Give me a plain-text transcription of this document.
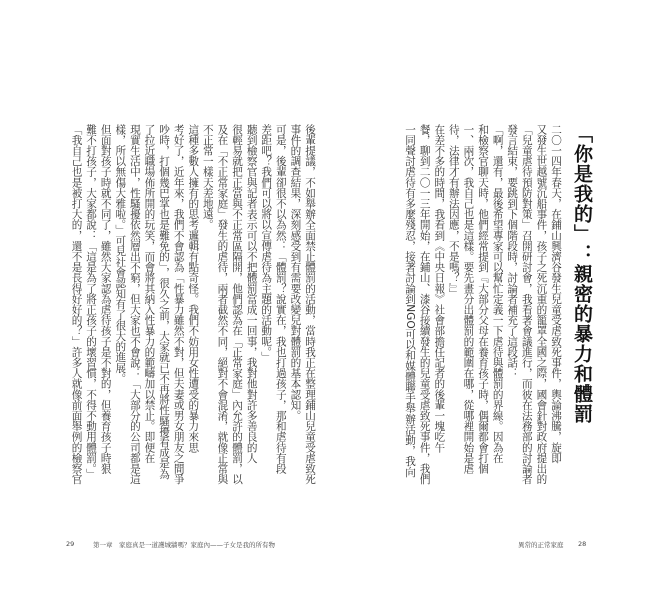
「你是我的」：親密的暴力和體罰
二〇一四年春天，在鋪山興濟谷發生兒童受虐致死事件，輿論沸騰，旋即
又發生世越號沉船事件，孩子之死沉重的籠罩全國之際，國會針對政府提出的
「兒童虐待預防對策」召開研討會，我看著會議進行，而彼在法務部的討論者
發言結束，要跳到下個階段時，討論者補充了這段話：
「啊，還有，最後希望專家可以幫忙定義一下虐待與體罰的界線。因為在
和檢察官聊天時，他們經常提到『大部分父母在養育孩子時，偶爾都會打個
一、兩次，我自己也是這樣。要先畫分出體罰的範圍在哪，從哪裡開始是虐
待，法律才有辦法因應，不是嗎？』」
在差不多的時間，我看到《中央日報》社會部擔任記者的後輩一塊吃午
餐，聊到二〇一三年開始，在鋪山、漆谷接續發生的兒童受虐致死事件，我們
一同聲討虐待有多麼殘忍，接著討論到NGO可以和媒體聯手舉辦活動，我向
後輩提議，不如舉辦全面禁止體罰的活動，當時我正在整理鋪山兒童受虐致死
事件的調查結果，深刻感受到有需要改變兒對體罰的基本認知。
可是，後輩卻很不以為然：「體罰？說實在，我也打過孩子，那和虐待有段
差距吧？我們可以將以宣傳虐待為主題的活動呢。」
聽到檢察官與記者表示可以不把體罰當成一回事，我對他對許多善良的人
很輕易就把正當與不正常區隔開，他們認為在「正常家庭」內允許的體罰，以
及在「不正常家庭」發生的虐待，兩者截然不同，絕對不會混淆，就像正常與
不正常一樣天差地遠。
這種多數人擁有的思考邏輯有點奇怪。我們不妨用女性遭受的暴力來思
考好了，近年來，我們不會認為「性暴力雖然不對，但夫妻或男女朋友之間爭
吵時，打個幾巴掌也是難免的」，很久之前，大家就已不再將性騷擾看成是為
了拉近職場佈所開的玩笑，而會將其納入性暴力的範疇加以禁止。即便在
現實生活中，性騷擾依然層出不窮，但大家也不會說：「大部分的公司都是這
樣，所以無傷大雅啦。」可見社會認知有了很大的進展。
但面對孩子時就不同了，雖然大家認為虐待孩子是不對的，但養育孩子時狠
難不打孩子，大家都說：「這是為了將正孩子的壞習慣，不得不動用體罰。」
「我自己也是被打大的，還不是長得好好的？」許多人就像前面舉例的檢察官
29	第一章　家庭真是一道護城牆嗎？家庭內——子女是我的所有物	異常的正常家庭 28
